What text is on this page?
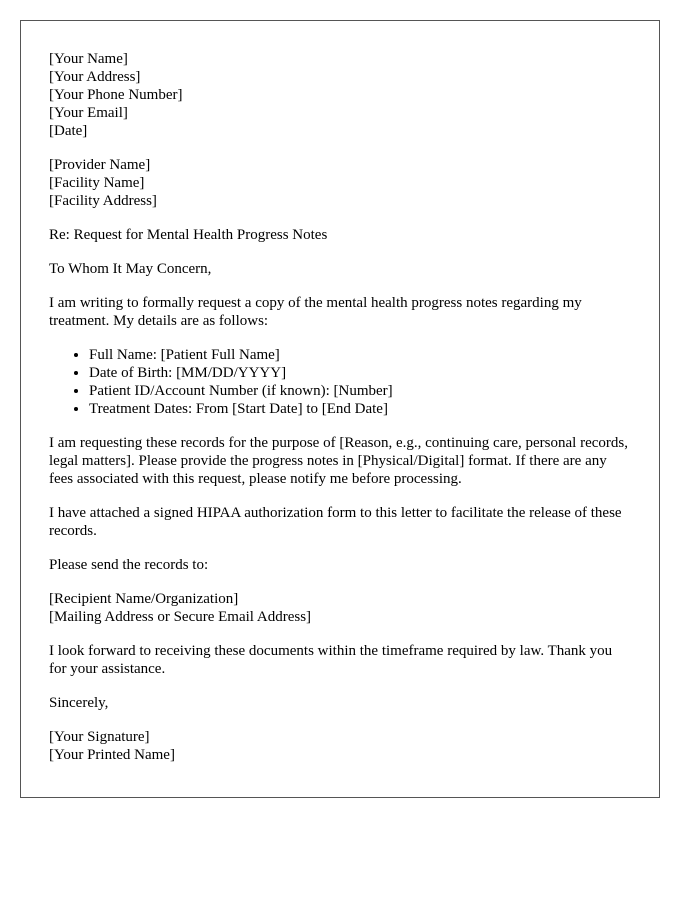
[Your Name]
[Your Address]
[Your Phone Number]
[Your Email]
[Date]
[Provider Name]
[Facility Name]
[Facility Address]

Re: Request for Mental Health Progress Notes

To Whom It May Concern,

I am writing to formally request a copy of the mental health progress notes regarding my treatment. My details are as follows:

• Full Name: [Patient Full Name]
• Date of Birth: [MM/DD/YYYY]
• Patient ID/Account Number (if known): [Number]
• Treatment Dates: From [Start Date] to [End Date]

I am requesting these records for the purpose of [Reason, e.g., continuing care, personal records, legal matters]. Please provide the progress notes in [Physical/Digital] format. If there are any fees associated with this request, please notify me before processing.

I have attached a signed HIPAA authorization form to this letter to facilitate the release of these records.

Please send the records to:

[Recipient Name/Organization]
[Mailing Address or Secure Email Address]

I look forward to receiving these documents within the timeframe required by law. Thank you for your assistance.

Sincerely,

[Your Signature]
[Your Printed Name]
